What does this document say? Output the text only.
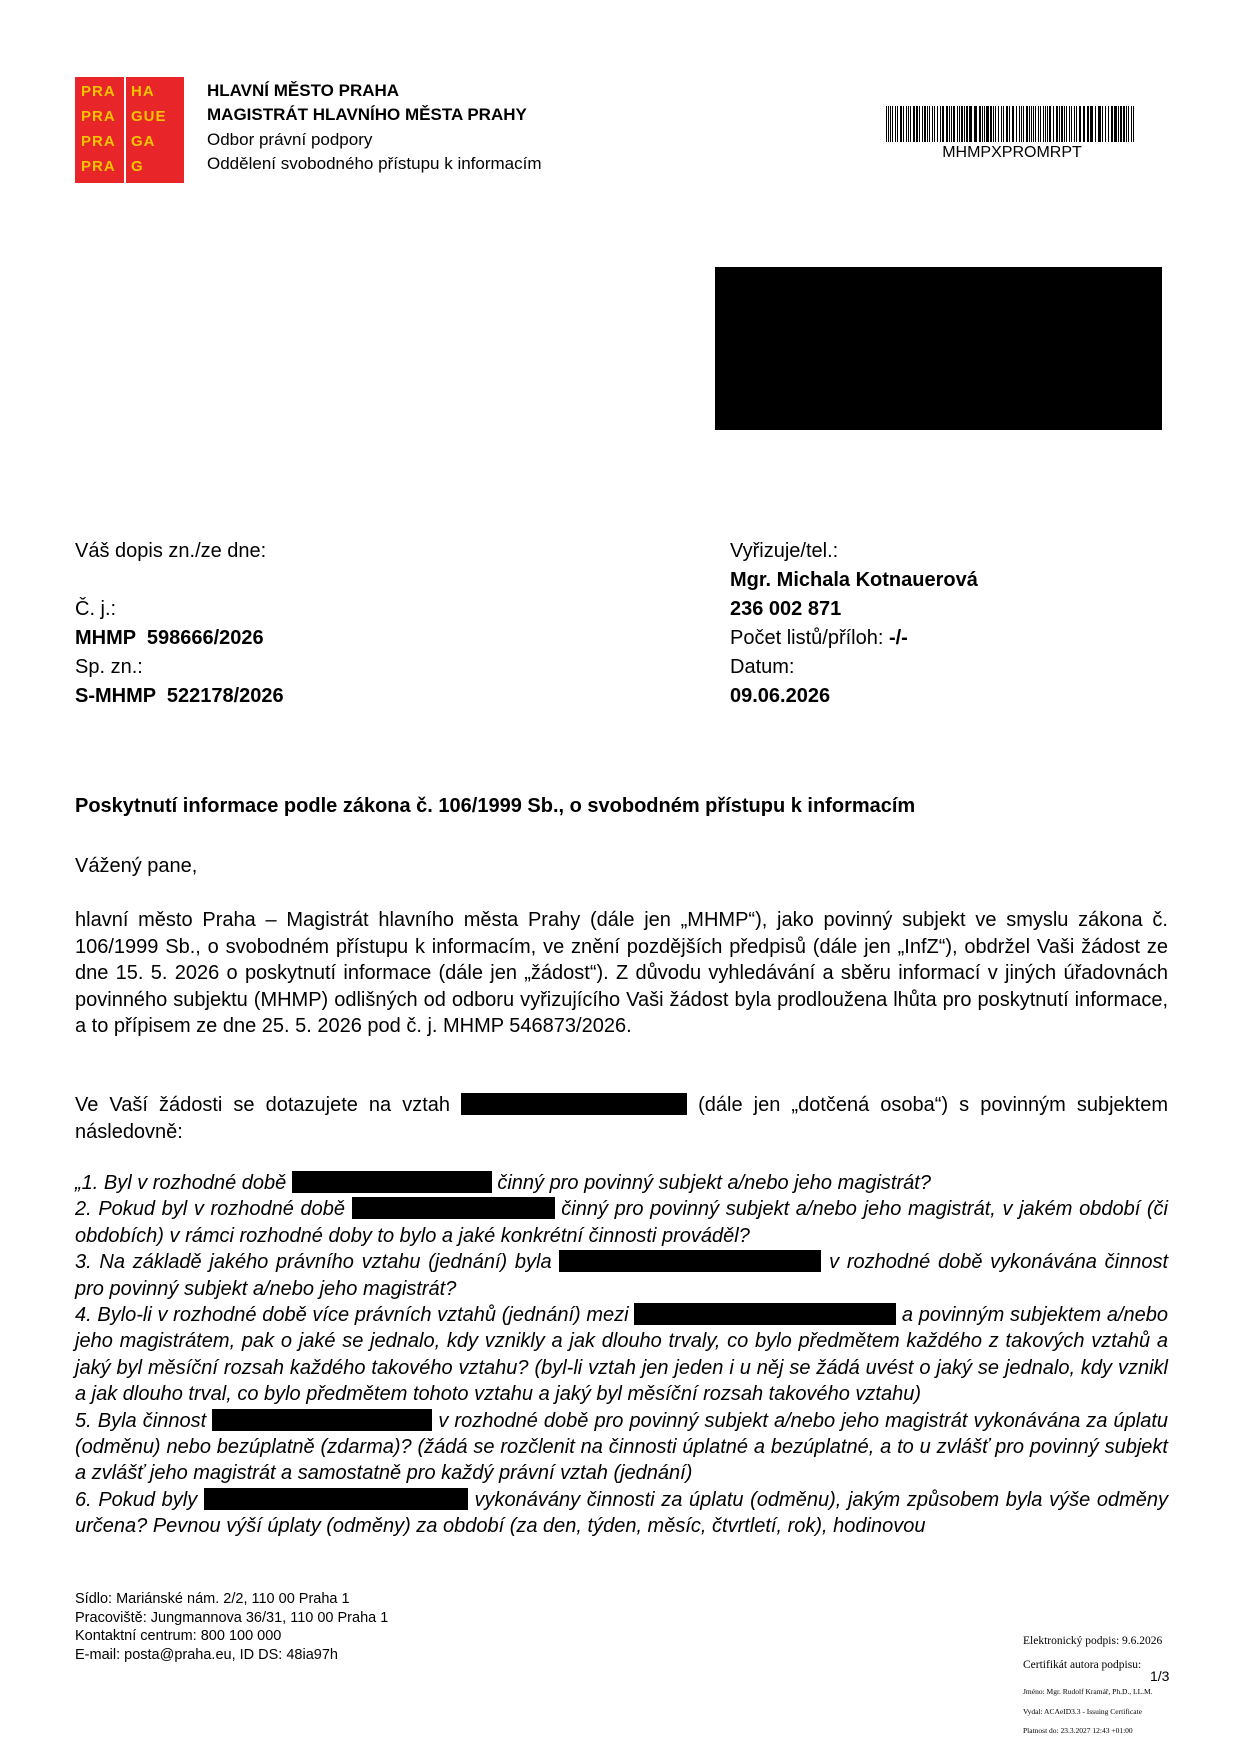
PRA HA
PRA GUE
PRA GA
PRA G
HLAVNÍ MĚSTO PRAHA
MAGISTRÁT HLAVNÍHO MĚSTA PRAHY
Odbor právní podpory
Oddělení svobodného přístupu k informacím
MHMPXPROMRPT
Váš dopis zn./ze dne:
Č. j.:
MHMP  598666/2026
Sp. zn.:
S-MHMP  522178/2026
Vyřizuje/tel.:
Mgr. Michala Kotnauerová
236 002 871
Počet listů/příloh: -/-
Datum:
09.06.2026
Poskytnutí informace podle zákona č. 106/1999 Sb., o svobodném přístupu k informacím
Vážený pane,
hlavní město Praha – Magistrát hlavního města Prahy (dále jen „MHMP“), jako povinný subjekt ve smyslu zákona č. 106/1999 Sb., o svobodném přístupu k informacím, ve znění pozdějších předpisů (dále jen „InfZ“), obdržel Vaši žádost ze dne 15. 5. 2026 o poskytnutí informace (dále jen „žádost“). Z důvodu vyhledávání a sběru informací v jiných úřadovnách povinného subjektu (MHMP) odlišných od odboru vyřizujícího Vaši žádost byla prodloužena lhůta pro poskytnutí informace, a to přípisem ze dne 25. 5. 2026 pod č. j. MHMP 546873/2026.
Ve Vaší žádosti se dotazujete na vztah	(dále jen „dotčená osoba“) s povinným subjektem následovně:
„1. Byl v rozhodné době	činný pro povinný subjekt a/nebo jeho magistrát?
2. Pokud byl v rozhodné době	činný pro povinný subjekt a/nebo jeho magistrát, v jakém období (či obdobích) v rámci rozhodné doby to bylo a jaké konkrétní činnosti prováděl?
3. Na základě jakého právního vztahu (jednání) byla	v rozhodné době vykonávána činnost pro povinný subjekt a/nebo jeho magistrát?
4. Bylo-li v rozhodné době více právních vztahů (jednání) mezi	a povinným subjektem a/nebo jeho magistrátem, pak o jaké se jednalo, kdy vznikly a jak dlouho trvaly, co bylo předmětem každého z takových vztahů a jaký byl měsíční rozsah každého takového vztahu? (byl-li vztah jen jeden i u něj se žádá uvést o jaký se jednalo, kdy vznikl a jak dlouho trval, co bylo předmětem tohoto vztahu a jaký byl měsíční rozsah takového vztahu)
5. Byla činnost	v rozhodné době pro povinný subjekt a/nebo jeho magistrát vykonávána za úplatu (odměnu) nebo bezúplatně (zdarma)? (žádá se rozčlenit na činnosti úplatné a bezúplatné, a to u zvlášť pro povinný subjekt a zvlášť jeho magistrát a samostatně pro každý právní vztah (jednání)
6. Pokud byly	vykonávány činnosti za úplatu (odměnu), jakým způsobem byla výše odměny určena? Pevnou výší úplaty (odměny) za období (za den, týden, měsíc, čtvrtletí, rok), hodinovou
Sídlo: Mariánské nám. 2/2, 110 00 Praha 1
Pracoviště: Jungmannova 36/31, 110 00 Praha 1
Kontaktní centrum: 800 100 000
E-mail: posta@praha.eu, ID DS: 48ia97h
Elektronický podpis: 9.6.2026
Certifikát autora podpisu:
1/3
Jméno: Mgr. Rudolf Kramář, Ph.D., LL.M.
Vydal: ACAeID3.3 - Issuing Certificate
Platnost do: 23.3.2027 12:43 +01:00
